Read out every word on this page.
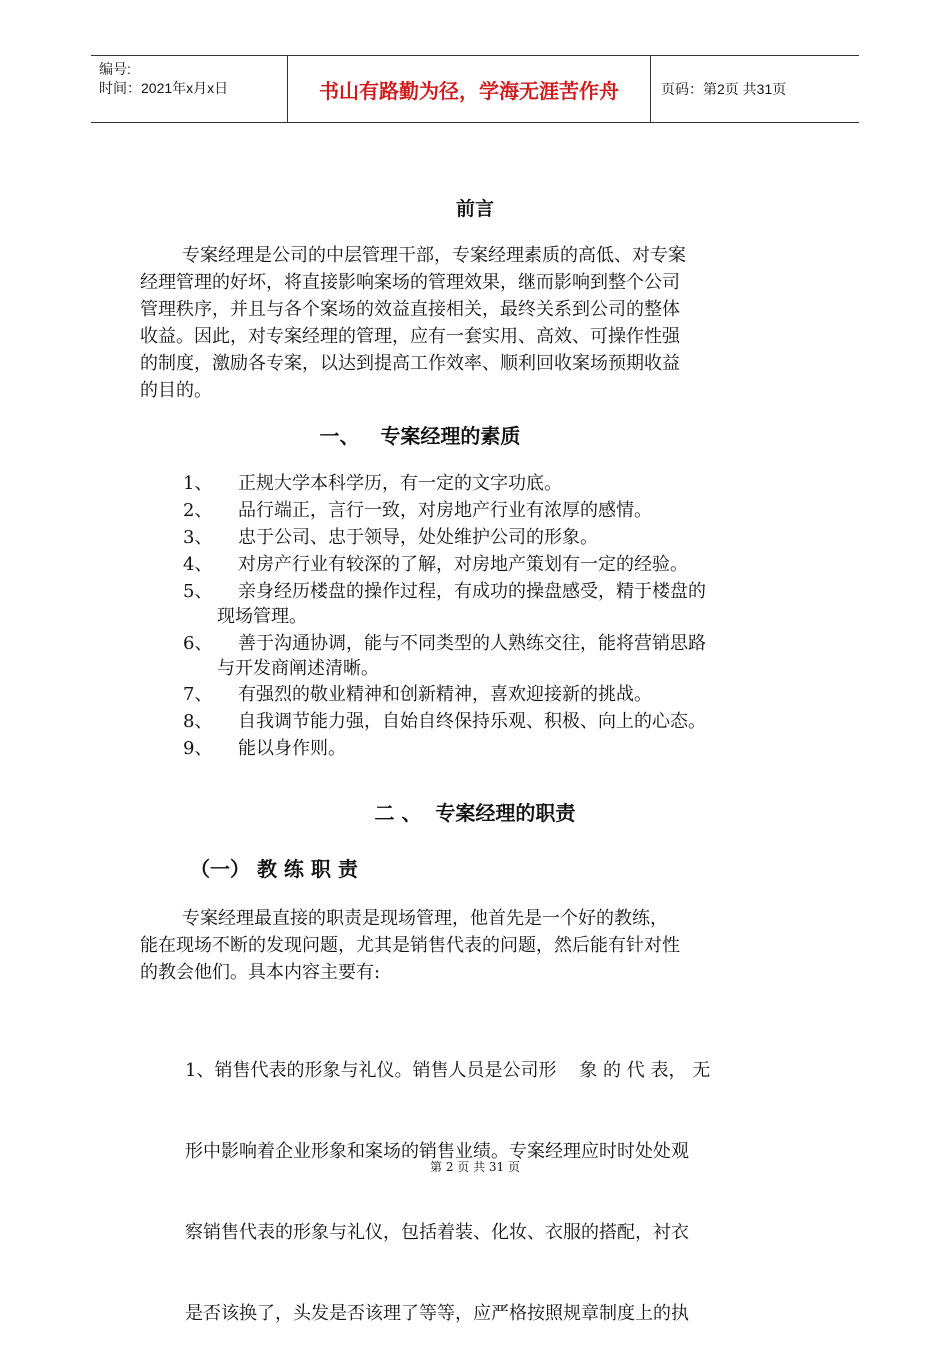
编号:
时间：2021年x月x日	书山有路勤为径，学海无涯苦作舟	页码：第2页 共31页
前言
专案经理是公司的中层管理干部，专案经理素质的高低、对专案
经理管理的好坏，将直接影响案场的管理效果，继而影响到整个公司
管理秩序，并且与各个案场的效益直接相关，最终关系到公司的整体
收益。因此，对专案经理的管理，应有一套实用、高效、可操作性强
的制度，激励各专案，以达到提高工作效率、顺利回收案场预期收益
的目的。
一、   专案经理的素质
1、 正规大学本科学历，有一定的文字功底。
2、 品行端正，言行一致，对房地产行业有浓厚的感情。
3、 忠于公司、忠于领导，处处维护公司的形象。
4、 对房产行业有较深的了解，对房地产策划有一定的经验。
5、 亲身经历楼盘的操作过程，有成功的操盘感受，精于楼盘的
现场管理。
6、 善于沟通协调，能与不同类型的人熟练交往，能将营销思路
与开发商阐述清晰。
7、 有强烈的敬业精神和创新精神，喜欢迎接新的挑战。
8、 自我调节能力强，自始自终保持乐观、积极、向上的心态。
9、 能以身作则。
二 、  专案经理的职责
（一） 教 练 职 责
专案经理最直接的职责是现场管理，他首先是一个好的教练，
能在现场不断的发现问题，尤其是销售代表的问题，然后能有针对性
的教会他们。具本内容主要有:

1、销售代表的形象与礼仪。销售人员是公司形    象 的 代 表， 无

形中影响着企业形象和案场的销售业绩。专案经理应时时处处观

察销售代表的形象与礼仪，包括着装、化妆、衣服的搭配，衬衣

是否该换了，头发是否该理了等等，应严格按照规章制度上的执

第 2 页 共 31 页
